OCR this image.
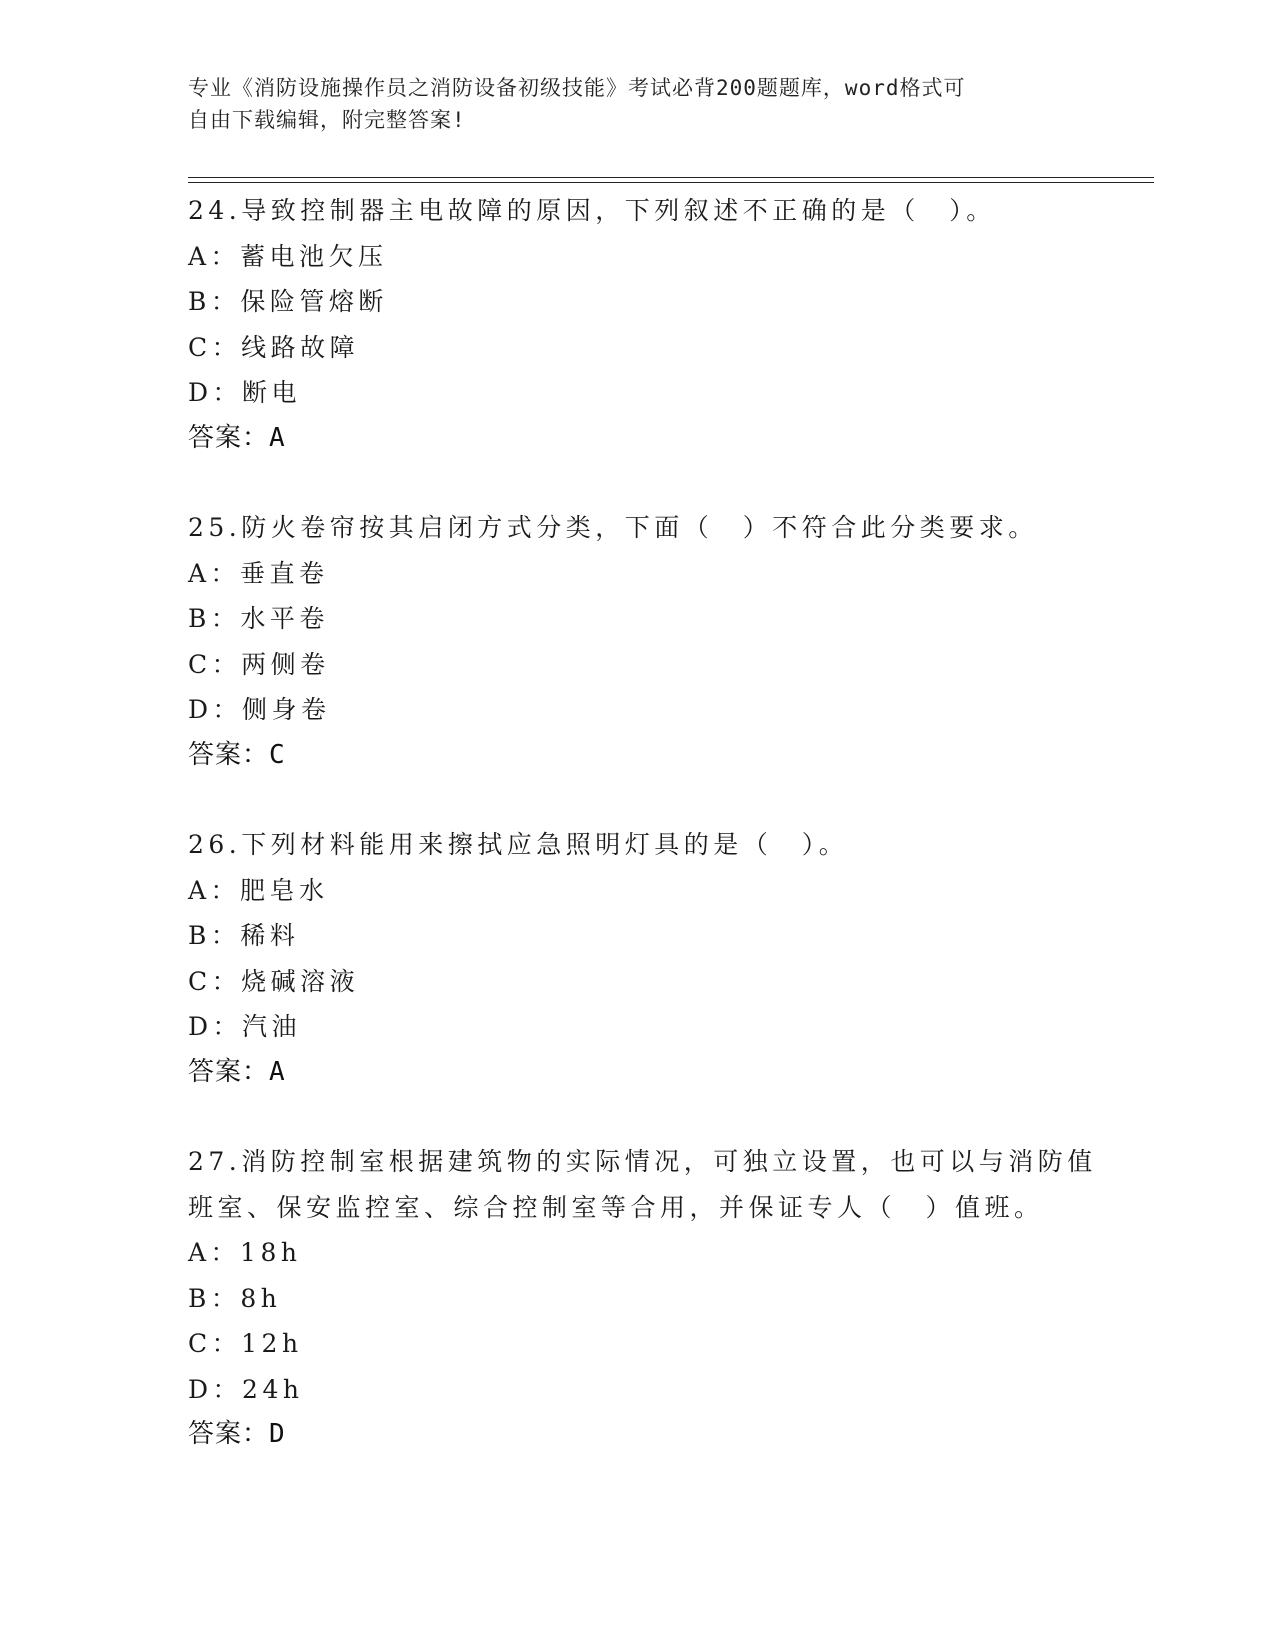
专业《消防设施操作员之消防设备初级技能》考试必背200题题库，word格式可
自由下载编辑，附完整答案!
24.导致控制器主电故障的原因，下列叙述不正确的是（　）。
A：蓄电池欠压
B：保险管熔断
C：线路故障
D：断电
答案：A
25.防火卷帘按其启闭方式分类，下面（　）不符合此分类要求。
A：垂直卷
B：水平卷
C：两侧卷
D：侧身卷
答案：C
26.下列材料能用来擦拭应急照明灯具的是（　）。
A：肥皂水
B：稀料
C：烧碱溶液
D：汽油
答案：A
27.消防控制室根据建筑物的实际情况，可独立设置，也可以与消防值
班室、保安监控室、综合控制室等合用，并保证专人（　）值班。
A：18h
B：8h
C：12h
D：24h
答案：D
